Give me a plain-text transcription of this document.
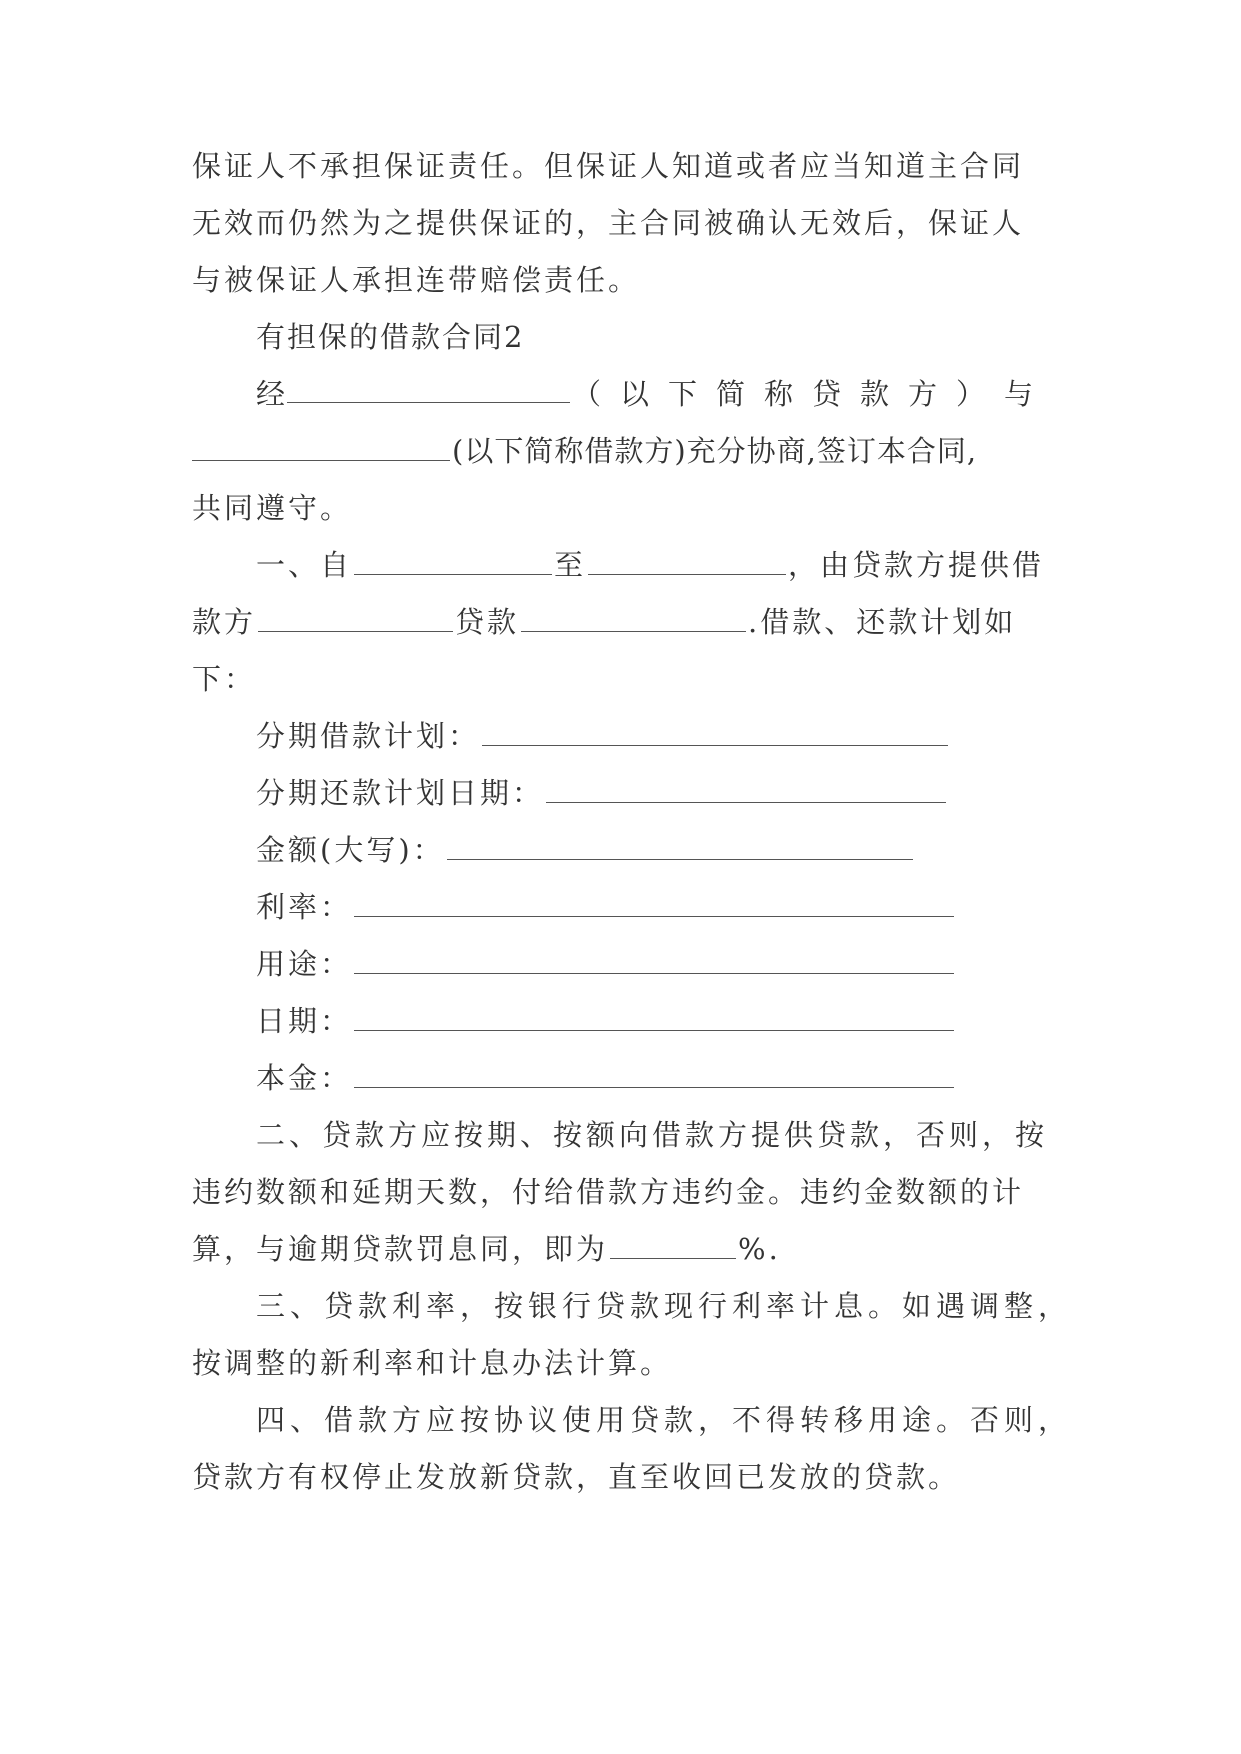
保证人不承担保证责任。但保证人知道或者应当知道主合同
无效而仍然为之提供保证的，主合同被确认无效后，保证人
与被保证人承担连带赔偿责任。
有担保的借款合同2
经	（以下简称贷款方）与
(以下简称借款方)充分协商,签订本合同,
共同遵守。
一、自	至	，由贷款方提供借
款方	贷款	.借款、还款计划如
下：
分期借款计划：
分期还款计划日期：
金额(大写)：
利率：
用途：
日期：
本金：
二、贷款方应按期、按额向借款方提供贷款，否则，按
违约数额和延期天数，付给借款方违约金。违约金数额的计
算，与逾期贷款罚息同，即为	%.
三、贷款利率，按银行贷款现行利率计息。如遇调整，
按调整的新利率和计息办法计算。
四、借款方应按协议使用贷款，不得转移用途。否则，
贷款方有权停止发放新贷款，直至收回已发放的贷款。
